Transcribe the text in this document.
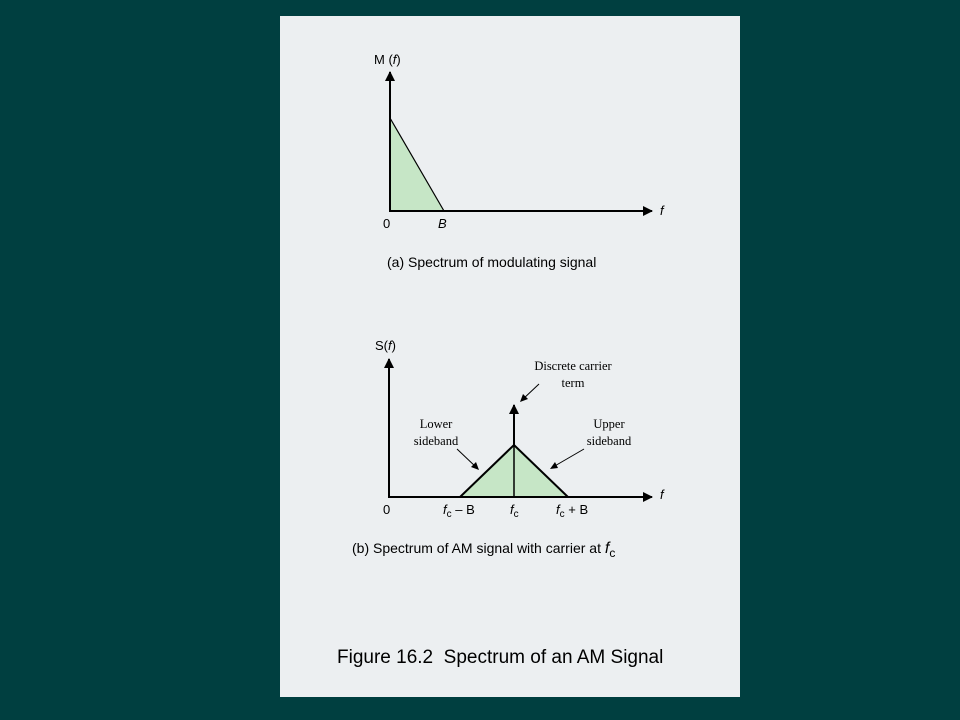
M (f)
f
0	B
(a) Spectrum of modulating signal
S(f)
f
0
Discrete carrier
term
Lower
sideband
Upper
sideband
$f_c$ – B	$f_c$	$f_c + B$
(b) Spectrum of AM signal with carrier at fc
Figure 16.2  Spectrum of an AM Signal
